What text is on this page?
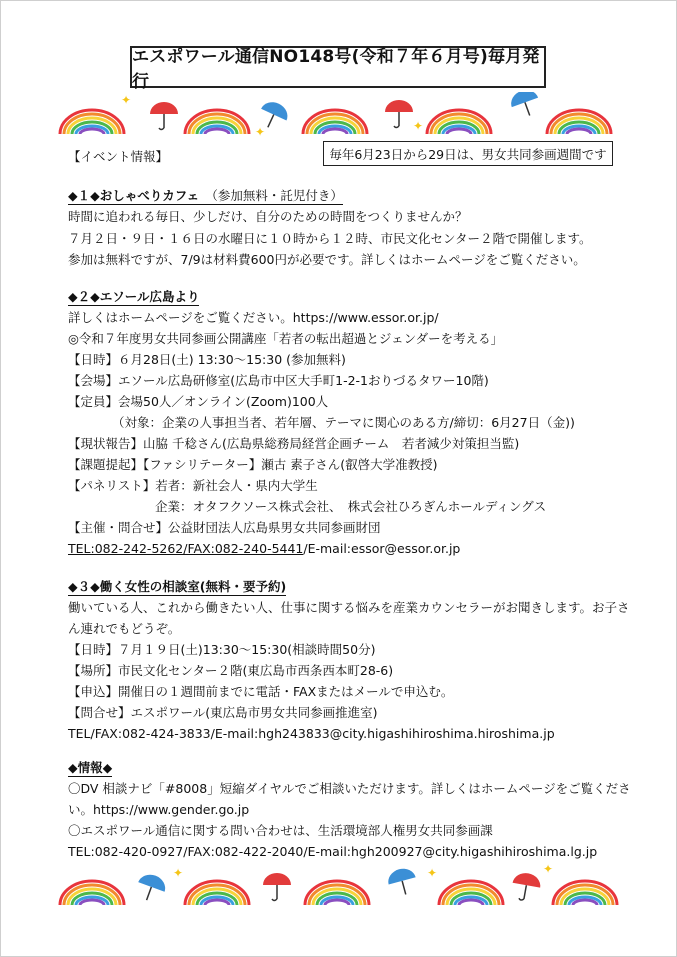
エスポワール通信NO148号(令和７年６月号)毎月発行
✦
✦	✦
【イベント情報】	毎年6月23日から29日は、男女共同参画週間です
◆１◆おしゃべりカフェ　 （参加無料・託児付き）
時間に追われる毎日、少しだけ、自分のための時間をつくりませんか？
７月２日・９日・１６日の水曜日に１０時から１２時、市民文化センター２階で開催します。
参加は無料ですが、7/9は材料費600円が必要です。詳しくはホームページをご覧ください。
◆２◆エソール広島より
詳しくはホームページをご覧ください。https://www.essor.or.jp/
◎令和７年度男女共同参画公開講座「若者の転出超過とジェンダーを考える」
【日時】６月28日(土) 13:30～15:30 (参加無料)
【会場】エソール広島研修室(広島市中区大手町1-2-1おりづるタワー10階)
【定員】会場50人／オンライン(Zoom)100人
（対象：企業の人事担当者、若年層、テーマに関心のある方/締切：6月27日（金))
【現状報告】山脇 千稔さん(広島県総務局経営企画チーム　若者減少対策担当監)
【課題提起】【ファシリテーター】瀬古 素子さん(叡啓大学准教授)
【パネリスト】若者：新社会人・県内大学生
企業：オタフクソース株式会社、　株式会社ひろぎんホールディングス
【主催・問合せ】公益財団法人広島県男女共同参画財団
TEL:082-242-5262/FAX:082-240-5441/E-mail:essor@essor.or.jp
◆３◆働く女性の相談室(無料・要予約)
働いている人、これから働きたい人、仕事に関する悩みを産業カウンセラーがお聞きします。お子さ
ん連れでもどうぞ。
【日時】７月１９日(土)13:30～15:30(相談時間50分)
【場所】市民文化センター２階(東広島市西条西本町28-6)
【申込】開催日の１週間前までに電話・FAXまたはメールで申込む。
【問合せ】エスポワール(東広島市男女共同参画推進室)
TEL/FAX:082-424-3833/E-mail:hgh243833@city.higashihiroshima.hiroshima.jp
◆情報◆
〇DV 相談ナビ「#8008」短縮ダイヤルでご相談いただけます。詳しくはホームページをご覧くださ
い。https://www.gender.go.jp
〇エスポワール通信に関する問い合わせは、生活環境部人権男女共同参画課
TEL:082-420-0927/FAX:082-422-2040/E-mail:hgh200927@city.higashihiroshima.lg.jp
✦	✦	✦
